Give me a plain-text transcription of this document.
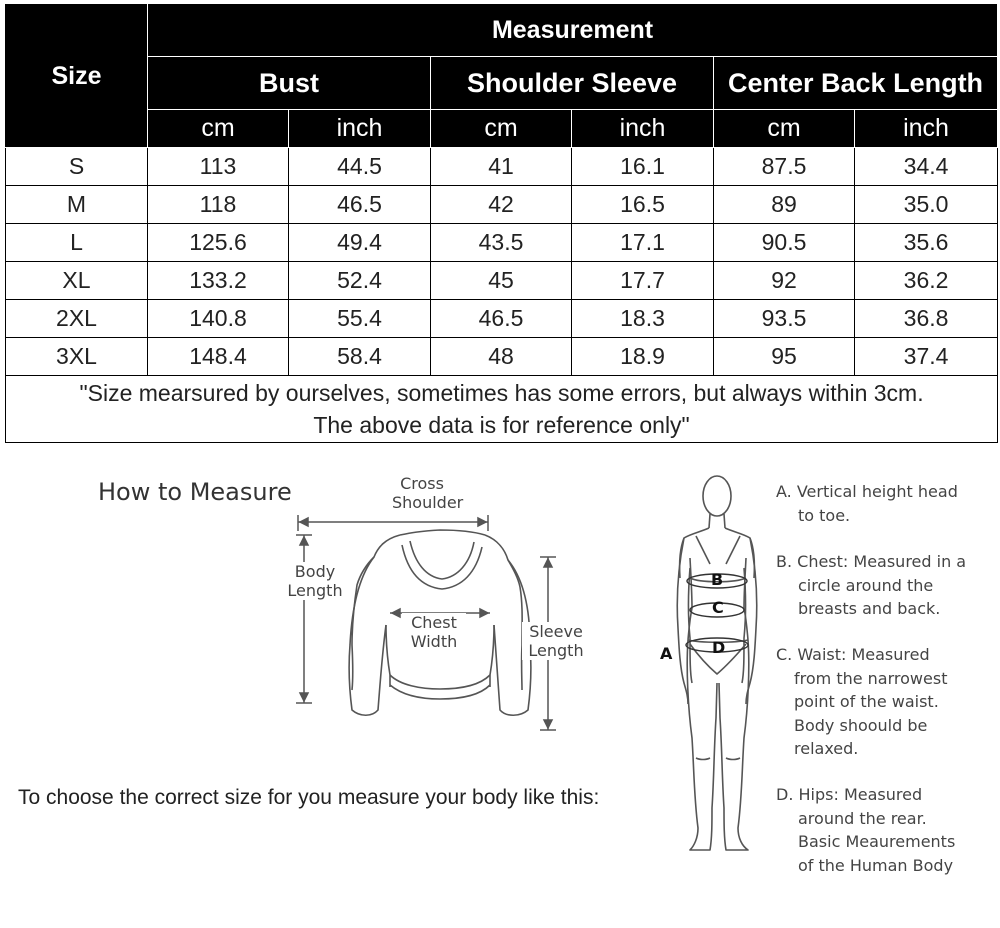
Size	Measurement					
	Bust		Shoulder Sleeve		Center Back Length	
	cm	inch	cm	inch	cm	inch
S	113	44.5	41	16.1	87.5	34.4
M	118	46.5	42	16.5	89	35.0
L	125.6	49.4	43.5	17.1	90.5	35.6
XL	133.2	52.4	45	17.7	92	36.2
2XL	140.8	55.4	46.5	18.3	93.5	36.8
3XL	148.4	58.4	48	18.9	95	37.4
"Size mearsured by ourselves, sometimes has some errors, but always within 3cm.
The above data is for reference only"						
How to Measure
To choose the correct size for you measure your body like this:
Cross
Shoulder
Body
Length
Chest
Width
Sleeve
Length
B
C
D
A
A. Vertical height head
to toe.
B. Chest: Measured in a
circle around the
breasts and back.
C. Waist: Measured
from the narrowest
point of the waist.
Body shoould be
relaxed.
D. Hips: Measured
around the rear.
Basic Meaurements
of the Human Body
